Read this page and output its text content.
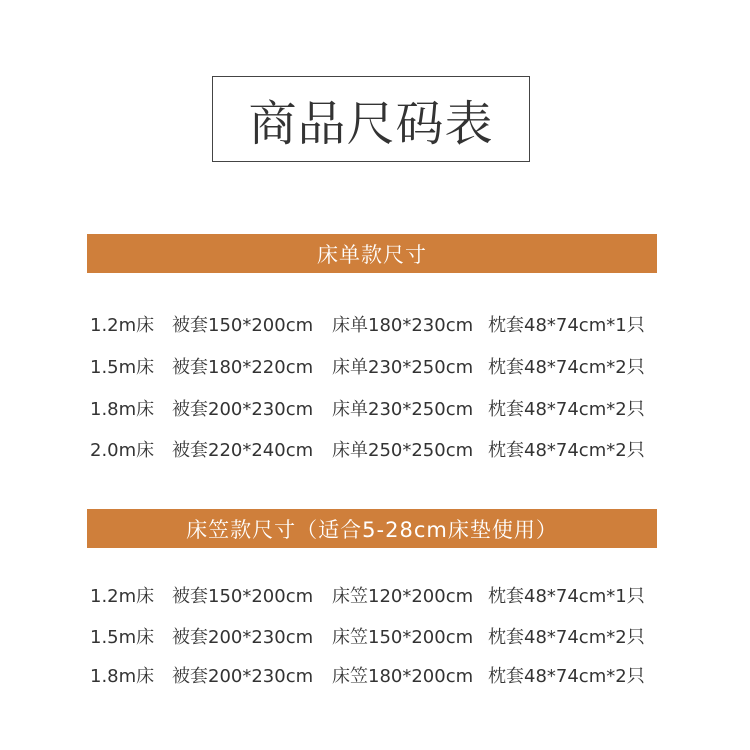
商品尺码表
床单款尺寸
1.2m床 被套150*200cm 床单180*230cm 枕套48*74cm*1只
1.5m床 被套180*220cm 床单230*250cm 枕套48*74cm*2只
1.8m床 被套200*230cm 床单230*250cm 枕套48*74cm*2只
2.0m床 被套220*240cm 床单250*250cm 枕套48*74cm*2只
床笠款尺寸（适合5-28cm床垫使用）
1.2m床 被套150*200cm 床笠120*200cm 枕套48*74cm*1只
1.5m床 被套200*230cm 床笠150*200cm 枕套48*74cm*2只
1.8m床 被套200*230cm 床笠180*200cm 枕套48*74cm*2只
